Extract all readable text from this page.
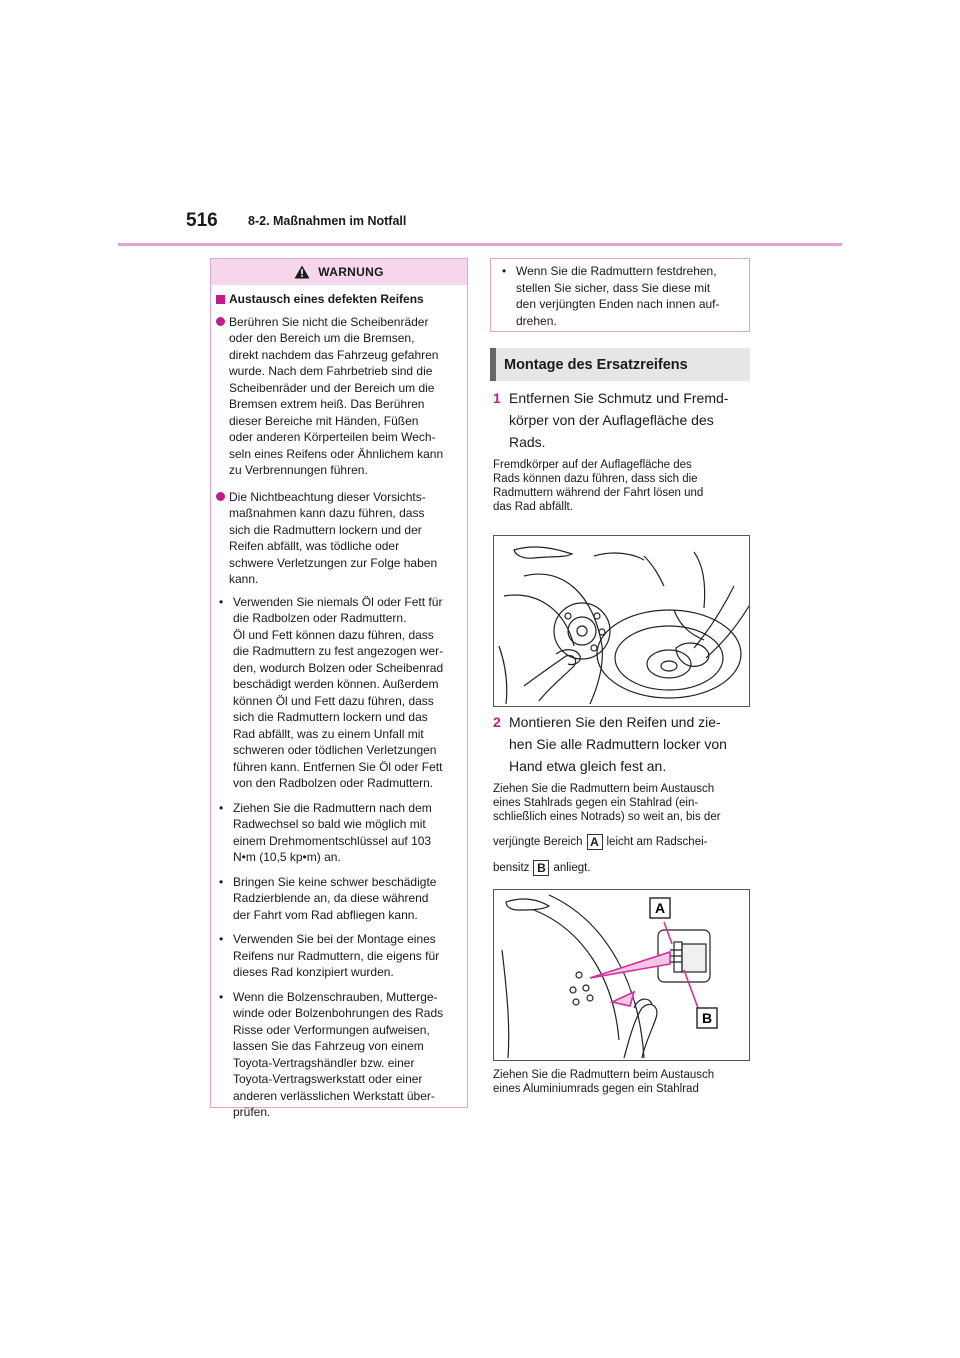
516 8-2. Maßnahmen im Notfall
WARNUNG
Austausch eines defekten Reifens
Berühren Sie nicht die Scheibenräder
oder den Bereich um die Bremsen,
direkt nachdem das Fahrzeug gefahren
wurde. Nach dem Fahrbetrieb sind die
Scheibenräder und der Bereich um die
Bremsen extrem heiß. Das Berühren
dieser Bereiche mit Händen, Füßen
oder anderen Körperteilen beim Wech-
seln eines Reifens oder Ähnlichem kann
zu Verbrennungen führen.
Die Nichtbeachtung dieser Vorsichts-
maßnahmen kann dazu führen, dass
sich die Radmuttern lockern und der
Reifen abfällt, was tödliche oder
schwere Verletzungen zur Folge haben
kann.
• Verwenden Sie niemals Öl oder Fett für
die Radbolzen oder Radmuttern.
Öl und Fett können dazu führen, dass
die Radmuttern zu fest angezogen wer-
den, wodurch Bolzen oder Scheibenrad
beschädigt werden können. Außerdem
können Öl und Fett dazu führen, dass
sich die Radmuttern lockern und das
Rad abfällt, was zu einem Unfall mit
schweren oder tödlichen Verletzungen
führen kann. Entfernen Sie Öl oder Fett
von den Radbolzen oder Radmuttern.
• Ziehen Sie die Radmuttern nach dem
Radwechsel so bald wie möglich mit
einem Drehmomentschlüssel auf 103
N•m (10,5 kp•m) an.
• Bringen Sie keine schwer beschädigte
Radzierblende an, da diese während
der Fahrt vom Rad abfliegen kann.
• Verwenden Sie bei der Montage eines
Reifens nur Radmuttern, die eigens für
dieses Rad konzipiert wurden.
• Wenn die Bolzenschrauben, Mutterge-
winde oder Bolzenbohrungen des Rads
Risse oder Verformungen aufweisen,
lassen Sie das Fahrzeug von einem
Toyota-Vertragshändler bzw. einer
Toyota-Vertragswerkstatt oder einer
anderen verlässlichen Werkstatt über-
prüfen.
• Wenn Sie die Radmuttern festdrehen,
stellen Sie sicher, dass Sie diese mit
den verjüngten Enden nach innen auf-
drehen.
Montage des Ersatzreifens
1 Entfernen Sie Schmutz und Fremd-
körper von der Auflagefläche des
Rads.
Fremdkörper auf der Auflagefläche des
Rads können dazu führen, dass sich die
Radmuttern während der Fahrt lösen und
das Rad abfällt.
2 Montieren Sie den Reifen und zie-
hen Sie alle Radmuttern locker von
Hand etwa gleich fest an.
Ziehen Sie die Radmuttern beim Austausch
eines Stahlrads gegen ein Stahlrad (ein-
schließlich eines Notrads) so weit an, bis der
verjüngte Bereich A leicht am Radschei-
bensitz B anliegt.
A
B
Ziehen Sie die Radmuttern beim Austausch
eines Aluminiumrads gegen ein Stahlrad
